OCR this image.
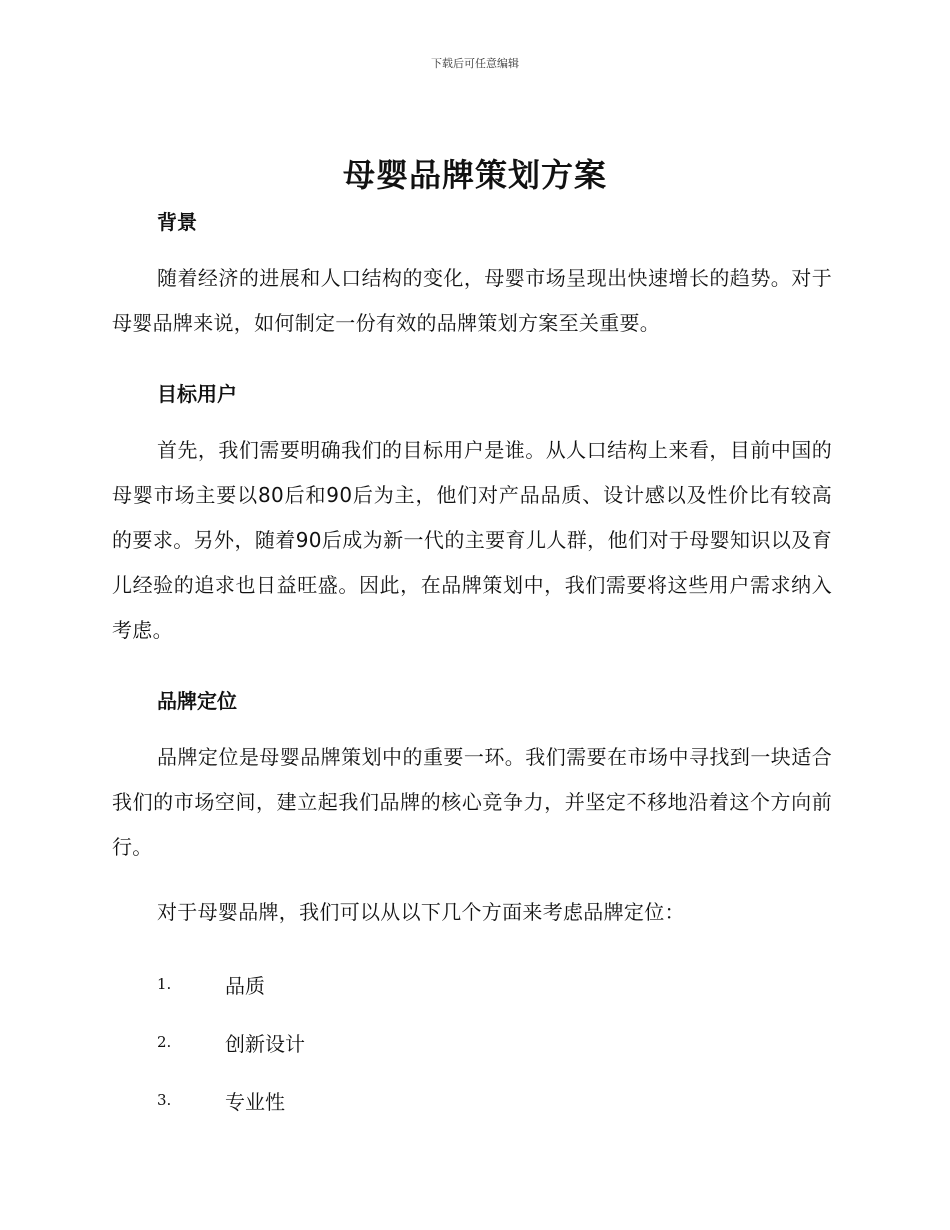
下载后可任意编辑
母婴品牌策划方案
背景

随着经济的进展和人口结构的变化，母婴市场呈现出快速增长的趋势。对于母婴品牌来说，如何制定一份有效的品牌策划方案至关重要。

目标用户

首先，我们需要明确我们的目标用户是谁。从人口结构上来看，目前中国的母婴市场主要以80后和90后为主，他们对产品品质、设计感以及性价比有较高的要求。另外，随着90后成为新一代的主要育儿人群，他们对于母婴知识以及育儿经验的追求也日益旺盛。因此，在品牌策划中，我们需要将这些用户需求纳入考虑。

品牌定位

品牌定位是母婴品牌策划中的重要一环。我们需要在市场中寻找到一块适合我们的市场空间，建立起我们品牌的核心竞争力，并坚定不移地沿着这个方向前行。

对于母婴品牌，我们可以从以下几个方面来考虑品牌定位：

1.	品质
2.	创新设计
3.	专业性
